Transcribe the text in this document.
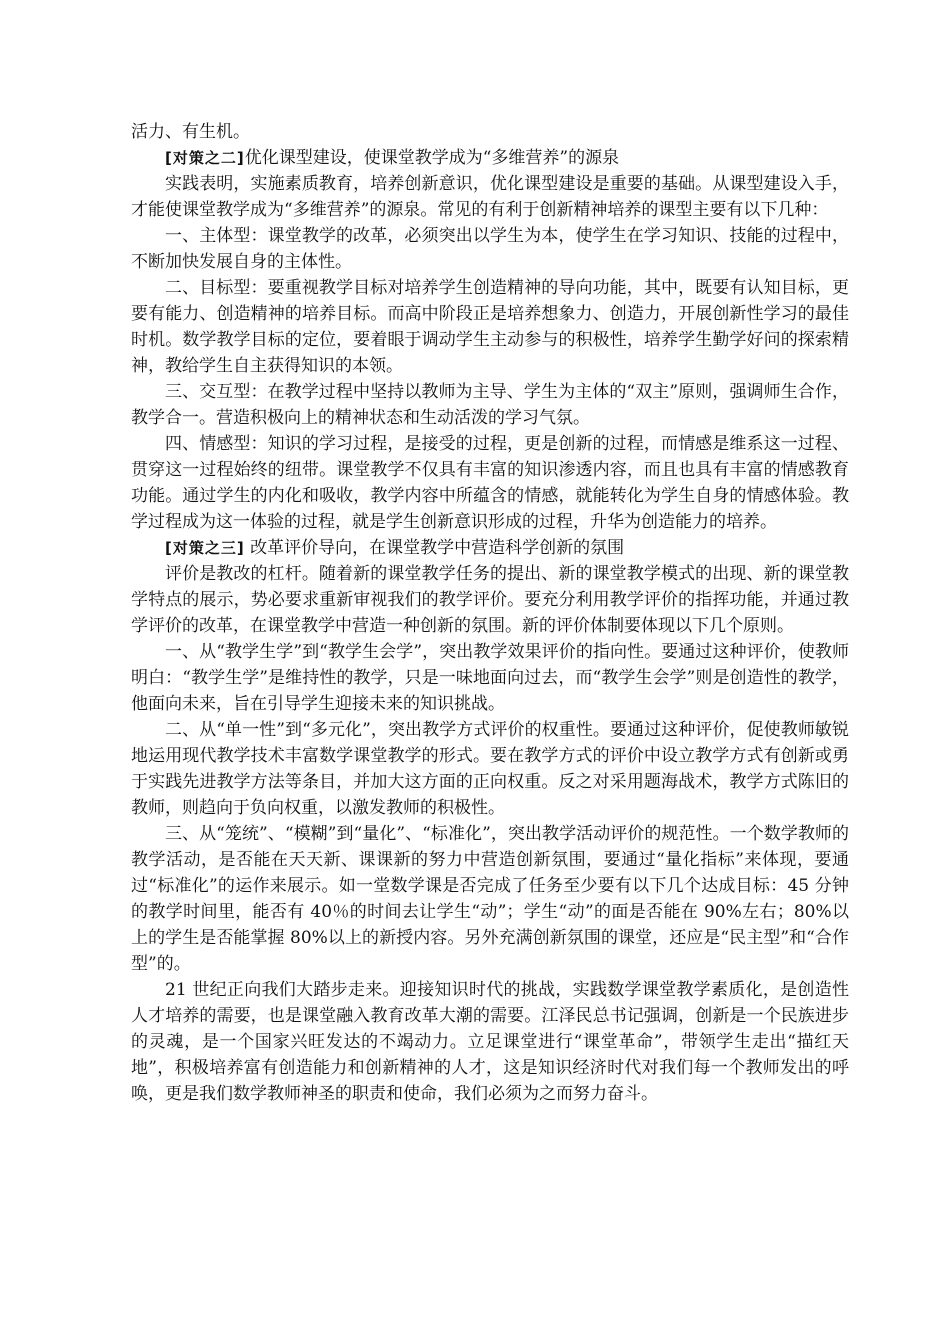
活力、有生机。

[对策之二]优化课型建设，使课堂教学成为“多维营养”的源泉

实践表明，实施素质教育，培养创新意识，优化课型建设是重要的基础。从课型建设入手，才能使课堂教学成为“多维营养”的源泉。常见的有利于创新精神培养的课型主要有以下几种：

一、主体型：课堂教学的改革，必须突出以学生为本，使学生在学习知识、技能的过程中，不断加快发展自身的主体性。

二、目标型：要重视教学目标对培养学生创造精神的导向功能，其中，既要有认知目标，更要有能力、创造精神的培养目标。而高中阶段正是培养想象力、创造力，开展创新性学习的最佳时机。数学教学目标的定位，要着眼于调动学生主动参与的积极性，培养学生勤学好问的探索精神，教给学生自主获得知识的本领。

三、交互型：在教学过程中坚持以教师为主导、学生为主体的“双主”原则，强调师生合作，教学合一。营造积极向上的精神状态和生动活泼的学习气氛。

四、情感型：知识的学习过程，是接受的过程，更是创新的过程，而情感是维系这一过程、贯穿这一过程始终的纽带。课堂教学不仅具有丰富的知识渗透内容，而且也具有丰富的情感教育功能。通过学生的内化和吸收，教学内容中所蕴含的情感，就能转化为学生自身的情感体验。教学过程成为这一体验的过程，就是学生创新意识形成的过程，升华为创造能力的培养。

[对策之三] 改革评价导向，在课堂教学中营造科学创新的氛围

评价是教改的杠杆。随着新的课堂教学任务的提出、新的课堂教学模式的出现、新的课堂教学特点的展示，势必要求重新审视我们的教学评价。要充分利用教学评价的指挥功能，并通过教学评价的改革，在课堂教学中营造一种创新的氛围。新的评价体制要体现以下几个原则。

一、从“教学生学”到“教学生会学”，突出教学效果评价的指向性。要通过这种评价，使教师明白：“教学生学”是维持性的教学，只是一味地面向过去，而“教学生会学”则是创造性的教学，他面向未来，旨在引导学生迎接未来的知识挑战。

二、从“单一性”到“多元化”，突出教学方式评价的权重性。要通过这种评价，促使教师敏锐地运用现代教学技术丰富数学课堂教学的形式。要在教学方式的评价中设立教学方式有创新或勇于实践先进教学方法等条目，并加大这方面的正向权重。反之对采用题海战术，教学方式陈旧的教师，则趋向于负向权重，以激发教师的积极性。

三、从“笼统”、“模糊”到“量化”、“标准化”，突出教学活动评价的规范性。一个数学教师的教学活动，是否能在天天新、课课新的努力中营造创新氛围，要通过“量化指标”来体现，要通过“标准化”的运作来展示。如一堂数学课是否完成了任务至少要有以下几个达成目标：45 分钟的教学时间里，能否有 40％的时间去让学生“动”；学生“动”的面是否能在 90%左右；80%以上的学生是否能掌握 80%以上的新授内容。另外充满创新氛围的课堂，还应是“民主型”和“合作型”的。

21 世纪正向我们大踏步走来。迎接知识时代的挑战，实践数学课堂教学素质化，是创造性人才培养的需要，也是课堂融入教育改革大潮的需要。江泽民总书记强调，创新是一个民族进步的灵魂，是一个国家兴旺发达的不竭动力。立足课堂进行“课堂革命”，带领学生走出“描红天地”，积极培养富有创造能力和创新精神的人才，这是知识经济时代对我们每一个教师发出的呼唤，更是我们数学教师神圣的职责和使命，我们必须为之而努力奋斗。
